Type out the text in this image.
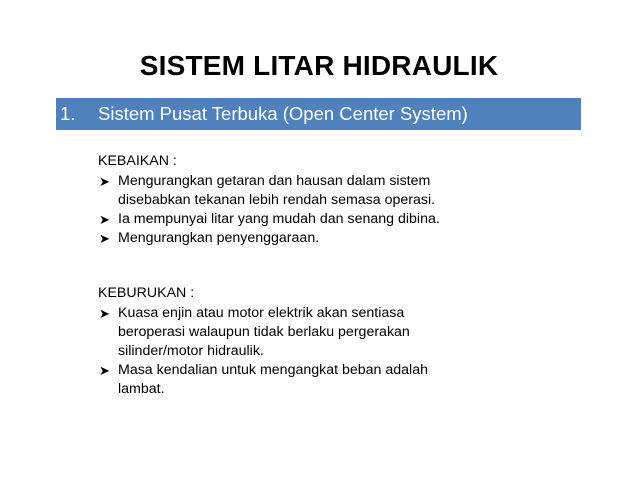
SISTEM LITAR HIDRAULIK
1. Sistem Pusat Terbuka (Open Center System)

KEBAIKAN :

➤ Mengurangkan getaran dan hausan dalam sistem disebabkan tekanan lebih rendah semasa operasi.
➤ Ia mempunyai litar yang mudah dan senang dibina.
➤ Mengurangkan penyenggaraan.

KEBURUKAN :

➤ Kuasa enjin atau motor elektrik akan sentiasa beroperasi walaupun tidak berlaku pergerakan silinder/motor hidraulik.
➤ Masa kendalian untuk mengangkat beban adalah lambat.
